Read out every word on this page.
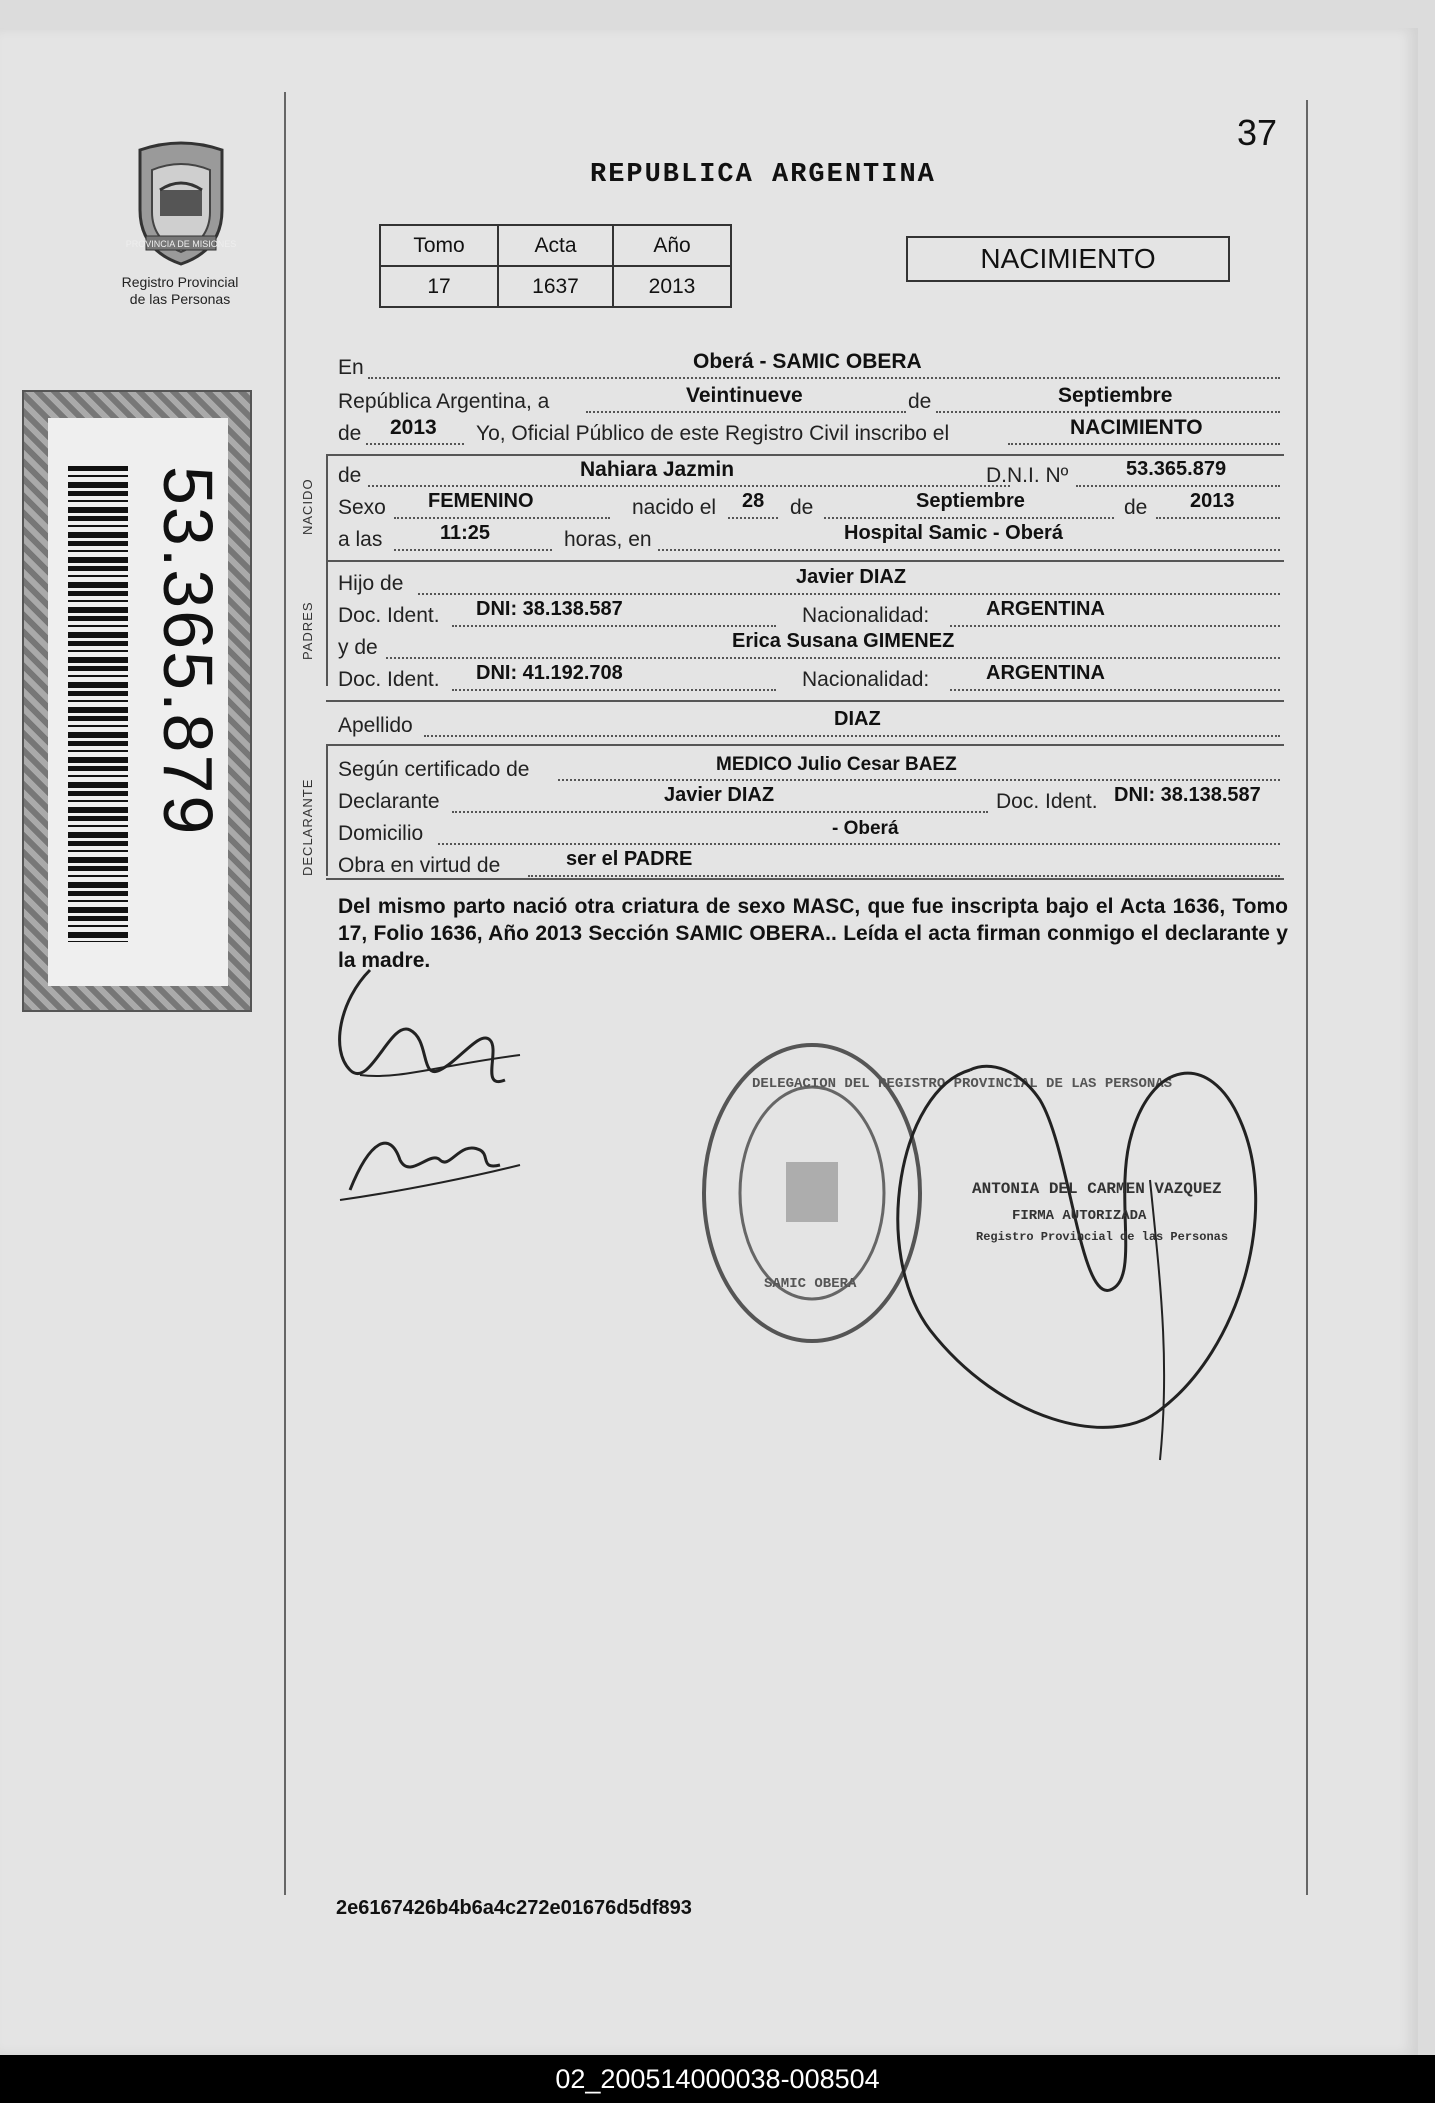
37
REPUBLICA ARGENTINA
PROVINCIA DE MISIONES
Registro Provincial
de las Personas
Tomo	Acta	Año
17	1637	2013
NACIMIENTO
53.365.879
En	Oberá - SAMIC OBERA
República Argentina, a	Veintinueve	de	Septiembre
de 2013 Yo, Oficial Público de este Registro Civil inscribo el	NACIMIENTO
NACIDO
de	Nahiara Jazmin	D.N.I. Nº	53.365.879
Sexo FEMENINO	nacido el 28 de	Septiembre	de 2013
a las	11:25	horas, en	Hospital Samic - Oberá
PADRES
Hijo de	Javier DIAZ
Doc. Ident. DNI: 38.138.587	Nacionalidad:	ARGENTINA
y de	Erica Susana GIMENEZ
Doc. Ident. DNI: 41.192.708	Nacionalidad:	ARGENTINA
Apellido	DIAZ
DECLARANTE
Según certificado de	MEDICO Julio Cesar BAEZ
Declarante	Javier DIAZ	Doc. Ident. DNI: 38.138.587
Domicilio	- Oberá
Obra en virtud de	ser el PADRE
Del mismo parto nació otra criatura de sexo MASC, que fue inscripta bajo el Acta 1636, Tomo 17, Folio 1636, Año 2013 Sección SAMIC OBERA.. Leída el acta firman conmigo el declarante y la madre.
DELEGACION DEL REGISTRO PROVINCIAL DE LAS PERSONAS
SAMIC OBERA
ANTONIA DEL CARMEN VAZQUEZ
FIRMA AUTORIZADA
Registro Provincial de las Personas
2e6167426b4b6a4c272e01676d5df893
02_200514000038-008504
